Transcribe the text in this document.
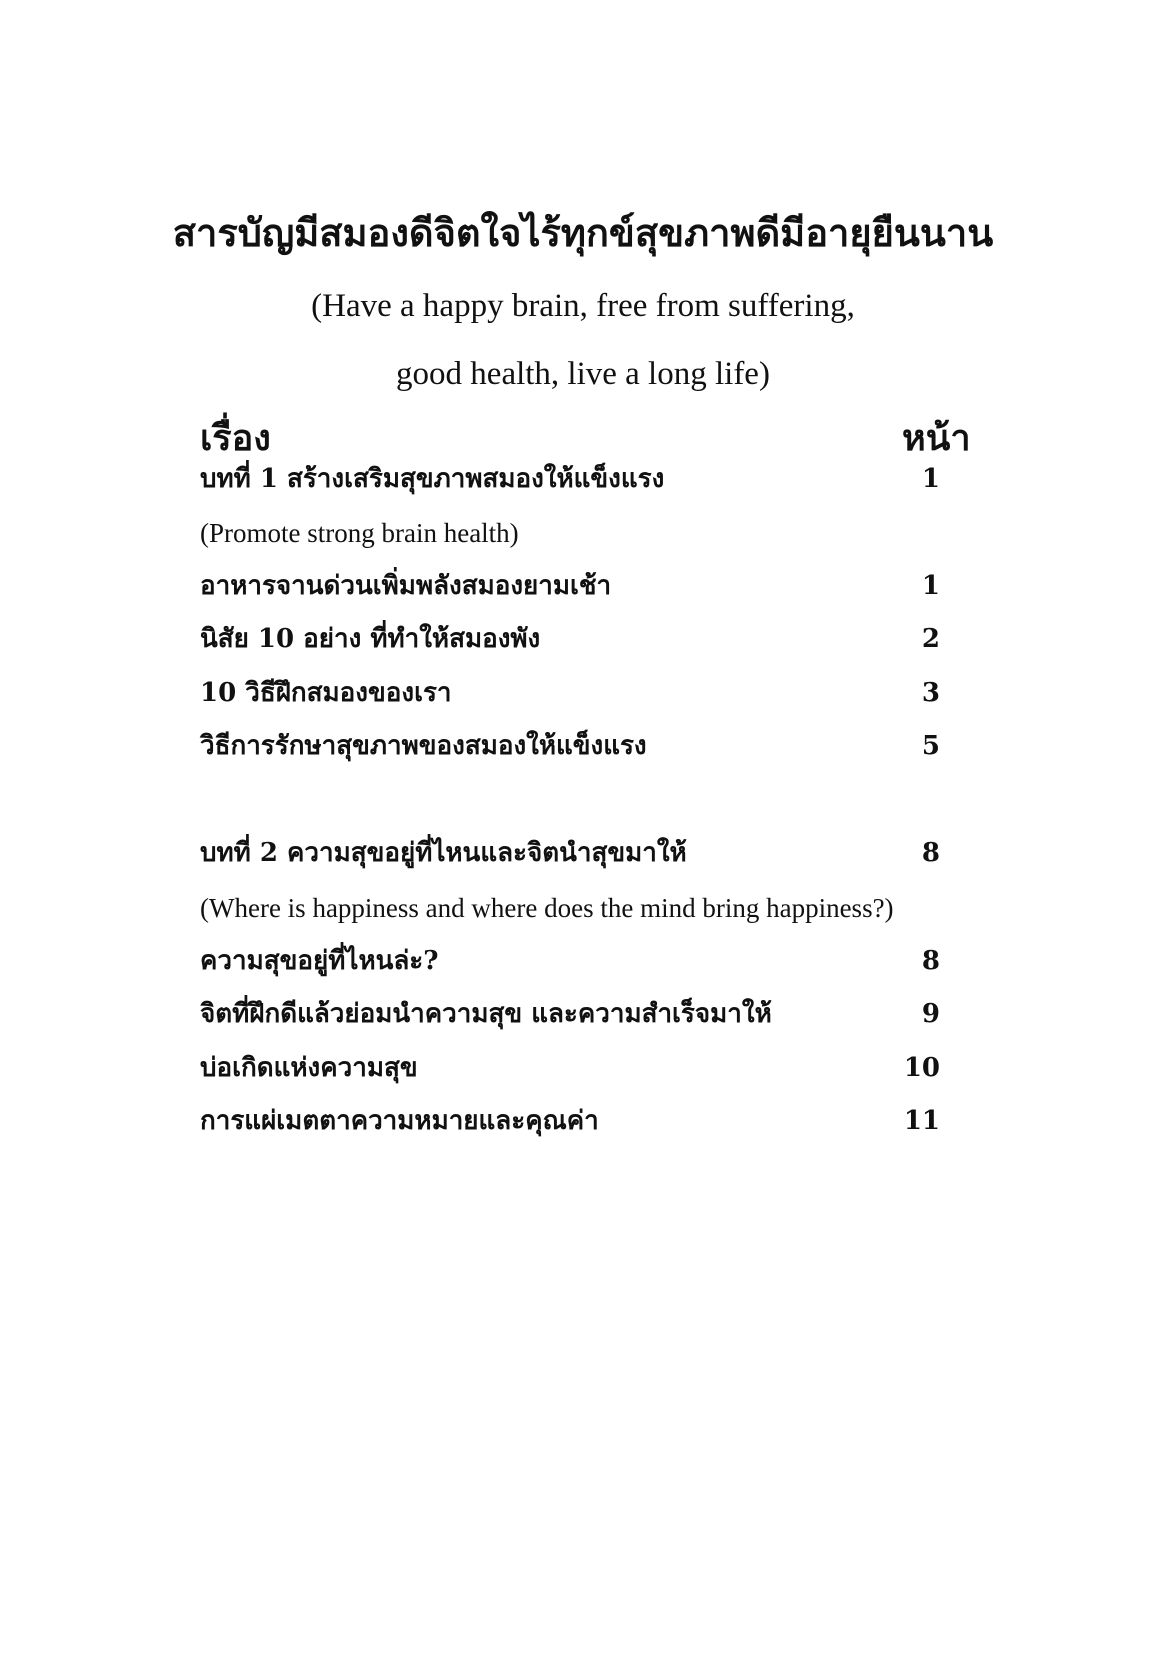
สารบัญมีสมองดีจิตใจไร้ทุกข์สุขภาพดีมีอายุยืนนาน
(Have a happy brain, free from suffering,
good health, live a long life)
เรื่อง	หน้า
บทที่ 1 สร้างเสริมสุขภาพสมองให้แข็งแรง	1
(Promote strong brain health)
อาหารจานด่วนเพิ่มพลังสมองยามเช้า	1
นิสัย 10 อย่าง ที่ทำให้สมองพัง	2
10 วิธีฝึกสมองของเรา	3
วิธีการรักษาสุขภาพของสมองให้แข็งแรง	5
บทที่ 2 ความสุขอยู่ที่ไหนและจิตนำสุขมาให้	8
(Where is happiness and where does the mind bring happiness?)
ความสุขอยู่ที่ไหนล่ะ?	8
จิตที่ฝึกดีแล้วย่อมนำความสุข และความสำเร็จมาให้	9
บ่อเกิดแห่งความสุข	10
การแผ่เมตตาความหมายและคุณค่า	11
